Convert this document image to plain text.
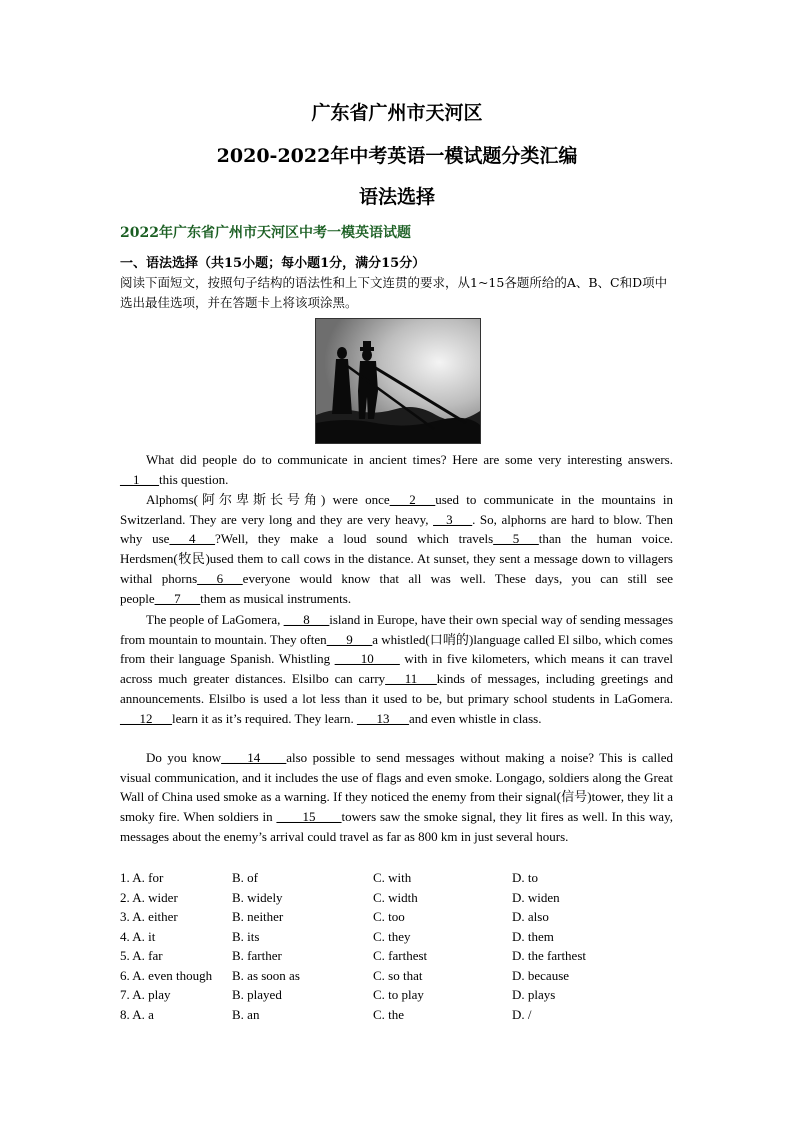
广东省广州市天河区
2020-2022年中考英语一模试题分类汇编
语法选择
2022年广东省广州市天河区中考一模英语试题
一、语法选择（共15小题；每小题1分，满分15分）
阅读下面短文，按照句子结构的语法性和上下文连贯的要求，从1~15各题所给的A、B、C和D项中选出最佳选项，并在答题卡上将该项涂黑。

What did people do to communicate in ancient times? Here are some very interesting answers. __1___this question.

Alphoms(阿尔卑斯长号角) were once___2___used to communicate in the mountains in Switzerland. They are very long and they are very heavy, __3___. So, alphorns are hard to blow. Then why use___4___?Well, they make a loud sound which travels___5___than the human voice. Herdsmen(牧民)used them to call cows in the distance. At sunset, they sent a message down to villagers withal phorns___6___everyone would know that all was well. These days, you can still see people___7___them as musical instruments.

The people of LaGomera, ___8___island in Europe, have their own special way of sending messages from mountain to mountain. They often___9___a whistled(口哨的)language called El silbo, which comes from their language Spanish. Whistling ____10____ with in five kilometers, which means it can travel across much greater distances. Elsilbo can carry___11___kinds of messages, including greetings and announcements. Elsilbo is used a lot less than it used to be, but primary school students in LaGomera. ___12___learn it as it’s required. They learn. ___13___and even whistle in class.

Do you know____14____also possible to send messages without making a noise? This is called visual communication, and it includes the use of flags and even smoke. Longago, soldiers along the Great Wall of China used smoke as a warning. If they noticed the enemy from their signal(信号)tower, they lit a smoky fire. When soldiers in ____15____towers saw the smoke signal, they lit fires as well. In this way, messages about the enemy’s arrival could travel as far as 800 km in just several hours.

1. A. for	B. of	C. with	D. to
2. A. wider	B. widely	C. width	D. widen
3. A. either	B. neither	C. too	D. also
4. A. it	B. its	C. they	D. them
5. A. far	B. farther	C. farthest	D. the farthest
6. A. even though	B. as soon as	C. so that	D. because
7. A. play	B. played	C. to play	D. plays
8. A. a	B. an	C. the	D. /
